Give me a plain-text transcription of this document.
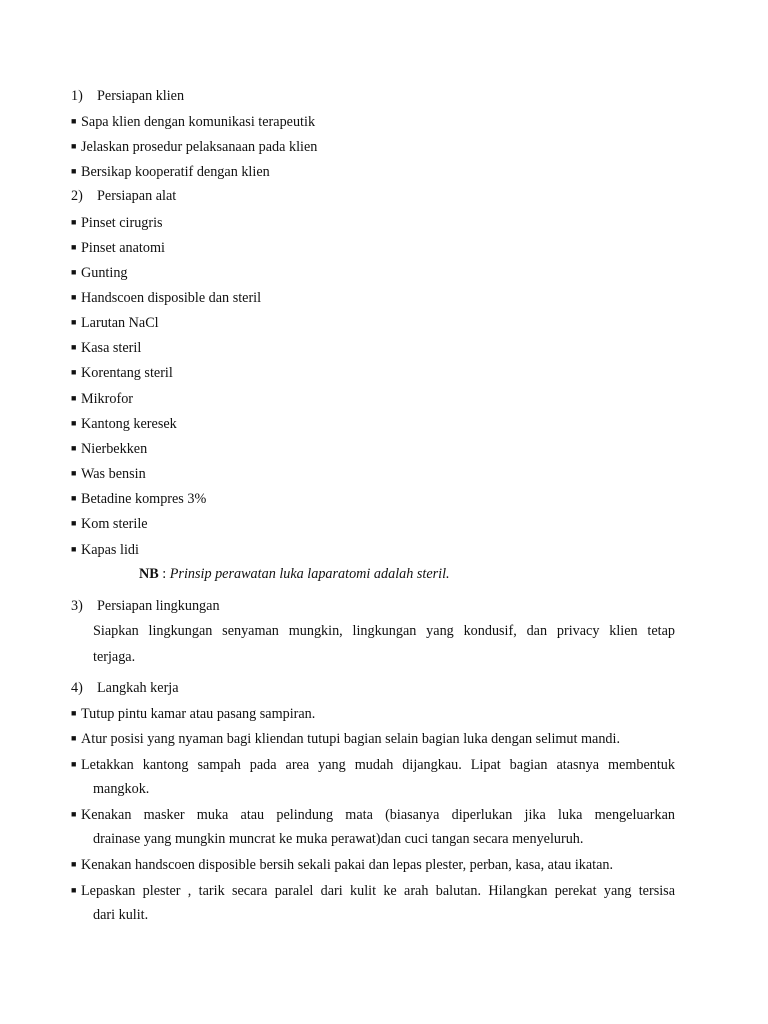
1) Persiapan klien
■ Sapa klien dengan komunikasi terapeutik
■ Jelaskan prosedur pelaksanaan pada klien
■ Bersikap kooperatif dengan klien
2) Persiapan alat
■ Pinset cirugris
■ Pinset anatomi
■ Gunting
■ Handscoen disposible dan steril
■ Larutan NaCl
■ Kasa steril
■ Korentang steril
■ Mikrofor
■ Kantong keresek
■ Nierbekken
■ Was bensin
■ Betadine kompres 3%
■ Kom sterile
■ Kapas lidi
NB : Prinsip perawatan luka laparatomi adalah steril.
3) Persiapan lingkungan
Siapkan lingkungan senyaman mungkin, lingkungan yang kondusif, dan privacy klien tetap
terjaga.
4) Langkah kerja
■ Tutup pintu kamar atau pasang sampiran.
■ Atur posisi yang nyaman bagi kliendan tutupi bagian selain bagian luka dengan selimut mandi.
■ Letakkan kantong sampah pada area yang mudah dijangkau. Lipat bagian atasnya membentuk
mangkok.
■ Kenakan masker muka atau pelindung mata (biasanya diperlukan jika luka mengeluarkan
drainase yang mungkin muncrat ke muka perawat)dan cuci tangan secara menyeluruh.
■ Kenakan handscoen disposible bersih sekali pakai dan lepas plester, perban, kasa, atau ikatan.
■ Lepaskan plester , tarik secara paralel dari kulit ke arah balutan. Hilangkan perekat yang tersisa
dari kulit.
